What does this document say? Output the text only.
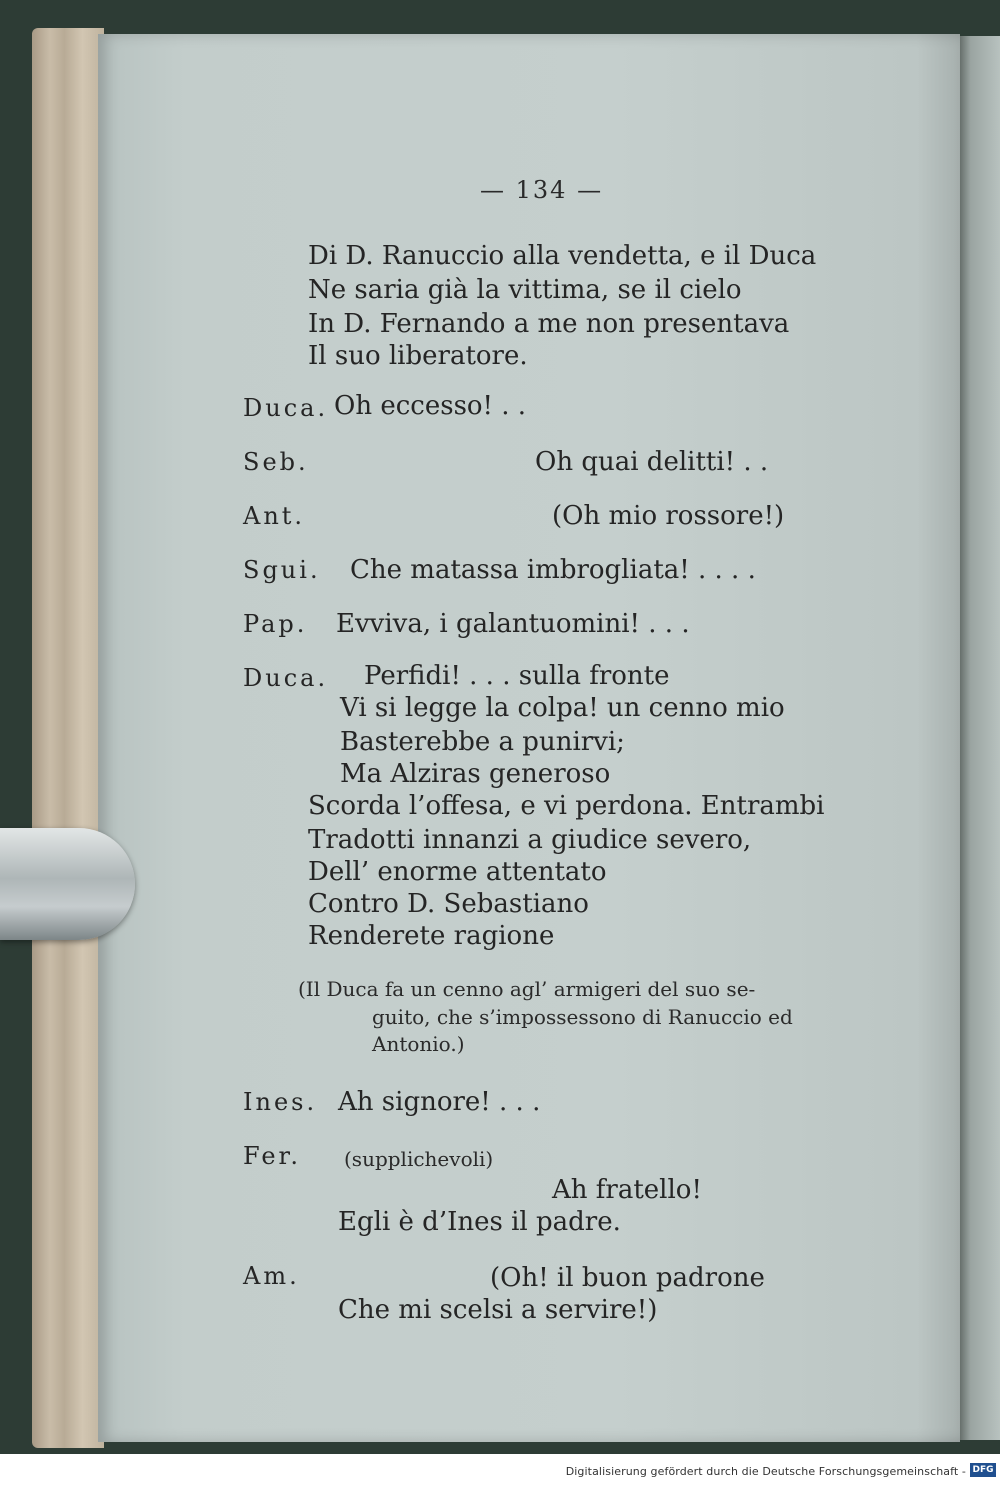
— 134 —
Di D. Ranuccio alla vendetta, e il Duca
Ne saria già la vittima, se il cielo
In D. Fernando a me non presentava
Il suo liberatore.
Duca. Oh eccesso! . .
Seb.	Oh quai delitti! . .
Ant.	(Oh mio rossore!)
Sgui. Che matassa imbrogliata! . . . .
Pap. Evviva, i galantuomini! . . .
Duca. Perfidi! . . . sulla fronte
Vi si legge la colpa! un cenno mio
Basterebbe a punirvi;
Ma Alziras generoso
Scorda l’offesa, e vi perdona. Entrambi
Tradotti innanzi a giudice severo,
Dell’ enorme attentato
Contro D. Sebastiano
Renderete ragione
(Il Duca fa un cenno agl’ armigeri del suo se-
guito, che s’impossessono di Ranuccio ed
Antonio.)
Ines. Ah signore! . . .
Fer. (supplichevoli)
Ah fratello!
Egli è d’Ines il padre.
Am.	(Oh! il buon padrone
Che mi scelsi a servire!)
Digitalisierung gefördert durch die Deutsche Forschungsgemeinschaft - DFG
